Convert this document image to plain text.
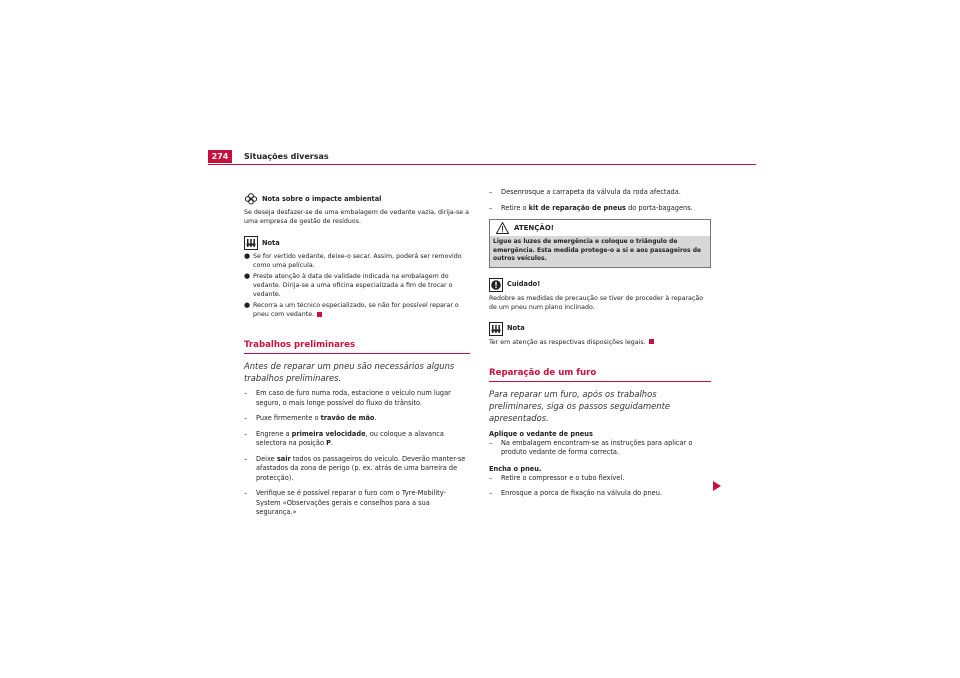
274	Situações diversas
Nota sobre o impacte ambiental

Se deseja desfazer-se de uma embalagem de vedante vazia, dirija-se a uma empresa de gestão de resíduos.

Nota
● Se for vertido vedante, deixe-o secar. Assim, poderá ser removido como uma película.
● Preste atenção à data de validade indicada na embalagem do vedante. Dirija-se a uma oficina especializada a fim de trocar o vedante.
● Recorra a um técnico especializado, se não for possível reparar o pneu com vedante.
Trabalhos preliminares
Antes de reparar um pneu são necessários alguns trabalhos preliminares.
–	Em caso de furo numa roda, estacione o veículo num lugar seguro, o mais longe possível do fluxo do trânsito.
–	Puxe firmemente o travão de mão.
–	Engrene a primeira velocidade, ou coloque a alavanca selectora na posição P.
–	Deixe sair todos os passageiros do veículo. Deverão manter-se afastados da zona de perigo (p. ex. atrás de uma barreira de protecção).
–	Verifique se é possível reparar o furo com o Tyre-Mobility-System «Observações gerais e conselhos para a sua segurança.»
–	Desenrosque a carrapeta da válvula da roda afectada.
–	Retire o kit de reparação de pneus do porta-bagagens.
ATENÇÃO!
Ligue as luzes de emergência e coloque o triângulo de emergência. Esta medida protege-o a si e aos passageiros de outros veículos.
Cuidado!

Redobre as medidas de precaução se tiver de proceder à reparação de um pneu num plano inclinado.

Nota

Ter em atenção as respectivas disposições legais.

Reparação de um furo
Para reparar um furo, após os trabalhos preliminares, siga os passos seguidamente apresentados.
Aplique o vedante de pneus
–	Na embalagem encontram-se as instruções para aplicar o produto vedante de forma correcta.
Encha o pneu.
–	Retire o compressor e o tubo flexível.
–	Enrosque a porca de fixação na válvula do pneu.
